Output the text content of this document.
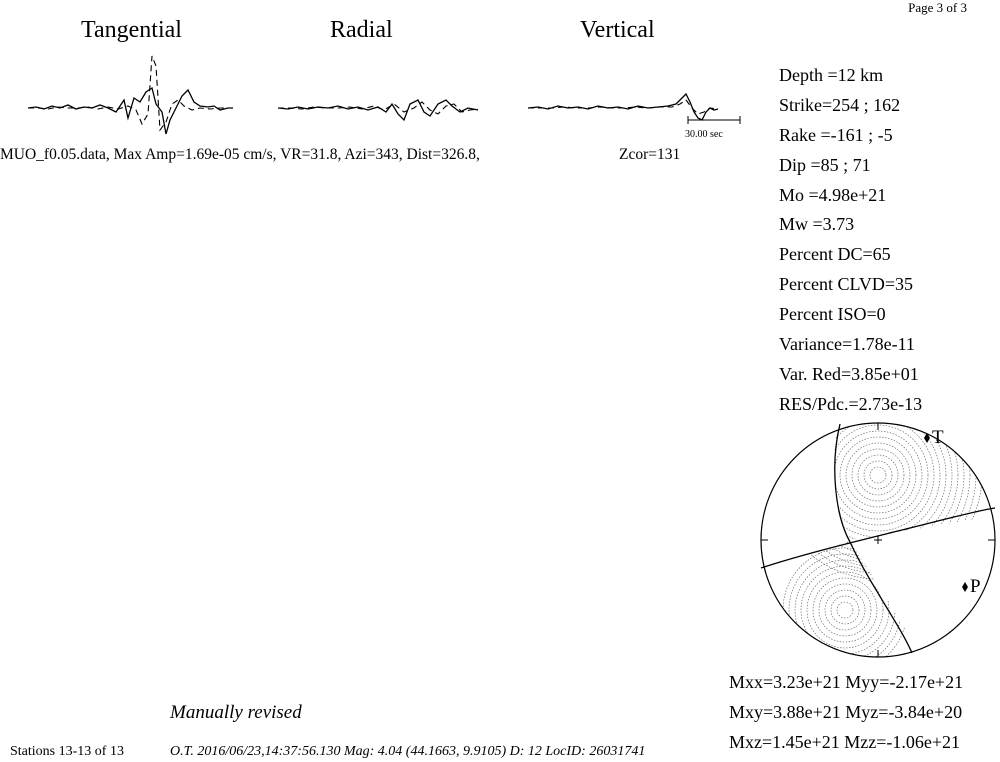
Page 3 of 3
Tangential	Radial	Vertical
30.00 sec
MUO_f0.05.data, Max Amp=1.69e-05 cm/s, VR=31.8, Azi=343, Dist=326.8,	Zcor=131
Depth =12 km
Strike=254 ; 162
Rake =-161 ; -5
Dip =85 ; 71
Mo =4.98e+21
Mw =3.73
Percent DC=65
Percent CLVD=35
Percent ISO=0
Variance=1.78e-11
Var. Red=3.85e+01
RES/Pdc.=2.73e-13
T
P
Mxx=3.23e+21 Myy=-2.17e+21
Mxy=3.88e+21 Myz=-3.84e+20
Mxz=1.45e+21 Mzz=-1.06e+21
Manually revised
Stations 13-13 of 13	O.T. 2016/06/23,14:37:56.130 Mag: 4.04 (44.1663, 9.9105) D: 12 LocID: 26031741
